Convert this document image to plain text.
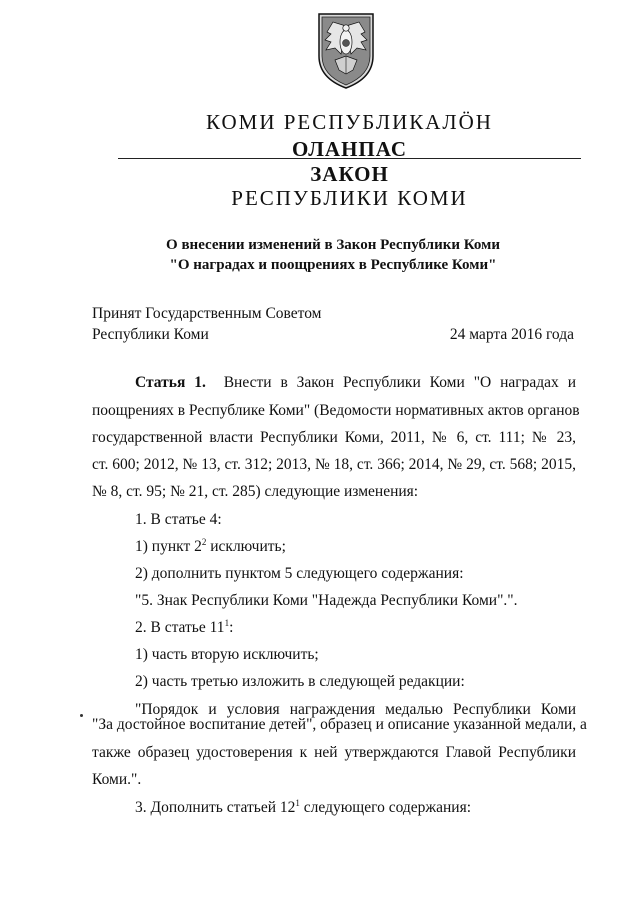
КОМИ РЕСПУБЛИКАЛӦН
ОЛАНПАС
ЗАКОН
РЕСПУБЛИКИ КОМИ
О внесении изменений в Закон Республики Коми
"О наградах и поощрениях в Республике Коми"
Принят Государственным Советом
Республики Коми	24 марта 2016 года
Статья 1. Внести в Закон Республики Коми "О наградах и
поощрениях в Республике Коми" (Ведомости нормативных актов органов
государственной власти Республики Коми, 2011, № 6, ст. 111; № 23,
ст. 600; 2012, № 13, ст. 312; 2013, № 18, ст. 366; 2014, № 29, ст. 568; 2015,
№ 8, ст. 95; № 21, ст. 285) следующие изменения:
1. В статье 4:
1) пункт $2^2$ исключить;
2) дополнить пунктом 5 следующего содержания:
"5. Знак Республики Коми "Надежда Республики Коми".".
2. В статье $11^1$:
1) часть вторую исключить;
2) часть третью изложить в следующей редакции:
"Порядок и условия награждения медалью Республики Коми
"За достойное воспитание детей", образец и описание указанной медали, а
также образец удостоверения к ней утверждаются Главой Республики
Коми.".
3. Дополнить статьей $12^1$ следующего содержания:
